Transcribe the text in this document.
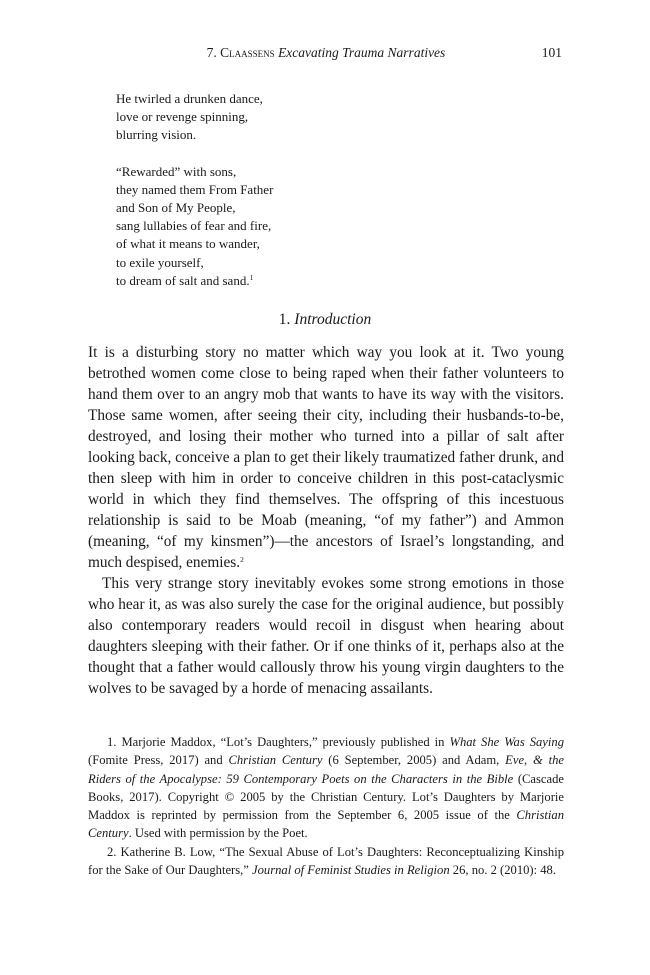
7. Claassens Excavating Trauma Narratives	101

He twirled a drunken dance,
love or revenge spinning,
blurring vision.

“Rewarded” with sons,
they named them From Father
and Son of My People,
sang lullabies of fear and fire,
of what it means to wander,
to exile yourself,
to dream of salt and sand.$^1$

1. Introduction

It is a disturbing story no matter which way you look at it. Two young betrothed women come close to being raped when their father volunteers to hand them over to an angry mob that wants to have its way with the visitors. Those same women, after seeing their city, including their husbands-to-be, destroyed, and losing their mother who turned into a pillar of salt after looking back, conceive a plan to get their likely traumatized father drunk, and then sleep with him in order to conceive children in this post-cataclysmic world in which they find themselves. The offspring of this incestuous relationship is said to be Moab (meaning, “of my father”) and Ammon (meaning, “of my kinsmen”)—the ancestors of Israel’s longstanding, and much despised, enemies.$^2$

This very strange story inevitably evokes some strong emotions in those who hear it, as was also surely the case for the original audience, but possibly also contemporary readers would recoil in disgust when hearing about daughters sleeping with their father. Or if one thinks of it, perhaps also at the thought that a father would callously throw his young virgin daughters to the wolves to be savaged by a horde of menacing assailants.

1. Marjorie Maddox, “Lot’s Daughters,” previously published in What She Was Saying (Fomite Press, 2017) and Christian Century (6 September, 2005) and Adam, Eve, & the Riders of the Apocalypse: 59 Contemporary Poets on the Characters in the Bible (Cascade Books, 2017). Copyright © 2005 by the Christian Century. Lot’s Daughters by Marjorie Maddox is reprinted by permission from the September 6, 2005 issue of the Christian Century. Used with permission by the Poet.

2. Katherine B. Low, “The Sexual Abuse of Lot’s Daughters: Reconceptualizing Kinship for the Sake of Our Daughters,” Journal of Feminist Studies in Religion 26, no. 2 (2010): 48.
